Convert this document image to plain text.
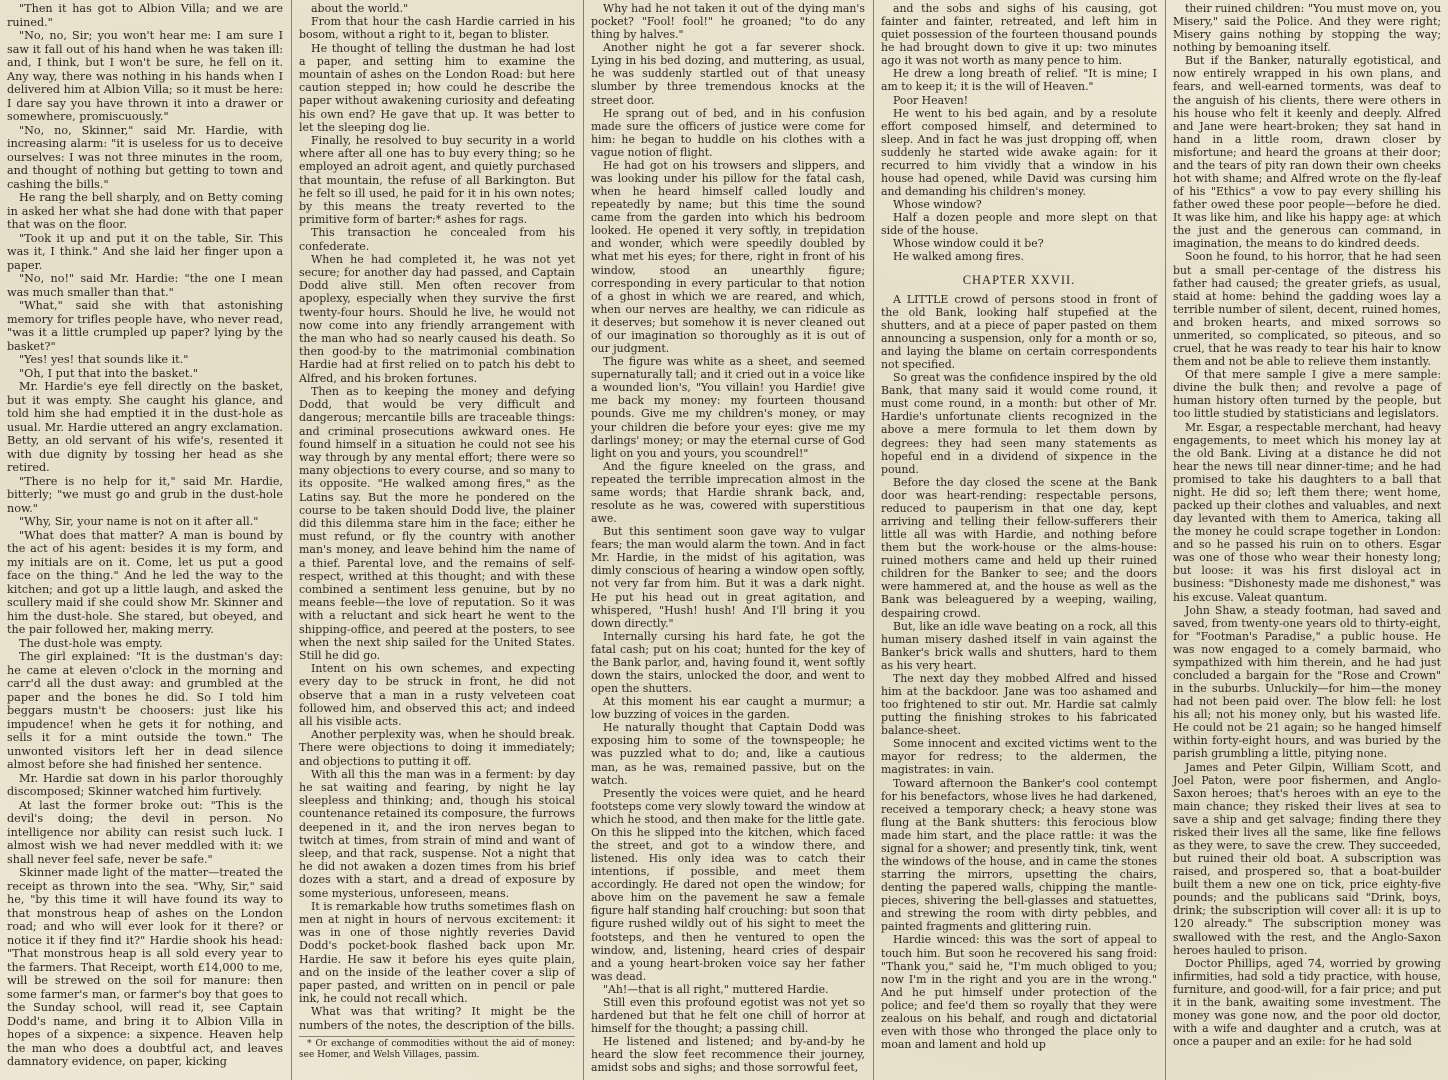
"Then it has got to Albion Villa; and we are ruined."

"No, no, Sir; you won't hear me: I am sure I saw it fall out of his hand when he was taken ill: and, I think, but I won't be sure, he fell on it. Any way, there was nothing in his hands when I delivered him at Albion Villa; so it must be here: I dare say you have thrown it into a drawer or somewhere, promiscuously."

"No, no, Skinner," said Mr. Hardie, with increasing alarm: "it is useless for us to deceive ourselves: I was not three minutes in the room, and thought of nothing but getting to town and cashing the bills."

He rang the bell sharply, and on Betty coming in asked her what she had done with that paper that was on the floor.

"Took it up and put it on the table, Sir. This was it, I think." And she laid her finger upon a paper.

"No, no!" said Mr. Hardie: "the one I mean was much smaller than that."

"What," said she with that astonishing memory for trifles people have, who never read, "was it a little crumpled up paper? lying by the basket?"

"Yes! yes! that sounds like it."

"Oh, I put that into the basket."

Mr. Hardie's eye fell directly on the basket, but it was empty. She caught his glance, and told him she had emptied it in the dust-hole as usual. Mr. Hardie uttered an angry exclamation. Betty, an old servant of his wife's, resented it with due dignity by tossing her head as she retired.

"There is no help for it," said Mr. Hardie, bitterly; "we must go and grub in the dust-hole now."

"Why, Sir, your name is not on it after all."

"What does that matter? A man is bound by the act of his agent: besides it is my form, and my initials are on it. Come, let us put a good face on the thing." And he led the way to the kitchen; and got up a little laugh, and asked the scullery maid if she could show Mr. Skinner and him the dust-hole. She stared, but obeyed, and the pair followed her, making merry.

The dust-hole was empty.

The girl explained: "It is the dustman's day: he came at eleven o'clock in the morning and carr'd all the dust away: and grumbled at the paper and the bones he did. So I told him beggars mustn't be choosers: just like his impudence! when he gets it for nothing, and sells it for a mint outside the town." The unwonted visitors left her in dead silence almost before she had finished her sentence.

Mr. Hardie sat down in his parlor thoroughly discomposed; Skinner watched him furtively.

At last the former broke out: "This is the devil's doing; the devil in person. No intelligence nor ability can resist such luck. I almost wish we had never meddled with it: we shall never feel safe, never be safe."

Skinner made light of the matter—treated the receipt as thrown into the sea. "Why, Sir," said he, "by this time it will have found its way to that monstrous heap of ashes on the London road; and who will ever look for it there? or notice it if they find it?" Hardie shook his head: "That monstrous heap is all sold every year to the farmers. That Receipt, worth £14,000 to me, will be strewed on the soil for manure: then some farmer's man, or farmer's boy that goes to the Sunday school, will read it, see Captain Dodd's name, and bring it to Albion Villa in hopes of a sixpence: a sixpence. Heaven help the man who does a doubtful act, and leaves damnatory evidence, on paper, kicking

about the world."

From that hour the cash Hardie carried in his bosom, without a right to it, began to blister.

He thought of telling the dustman he had lost a paper, and setting him to examine the mountain of ashes on the London Road: but here caution stepped in; how could he describe the paper without awakening curiosity and defeating his own end? He gave that up. It was better to let the sleeping dog lie.

Finally, he resolved to buy security in a world where after all one has to buy every thing; so he employed an adroit agent, and quietly purchased that mountain, the refuse of all Barkington. But he felt so ill used, he paid for it in his own notes; by this means the treaty reverted to the primitive form of barter:* ashes for rags.

This transaction he concealed from his confederate.

When he had completed it, he was not yet secure; for another day had passed, and Captain Dodd alive still. Men often recover from apoplexy, especially when they survive the first twenty-four hours. Should he live, he would not now come into any friendly arrangement with the man who had so nearly caused his death. So then good-by to the matrimonial combination Hardie had at first relied on to patch his debt to Alfred, and his broken fortunes.

Then as to keeping the money and defying Dodd, that would be very difficult and dangerous; mercantile bills are traceable things: and criminal prosecutions awkward ones. He found himself in a situation he could not see his way through by any mental effort; there were so many objections to every course, and so many to its opposite. "He walked among fires," as the Latins say. But the more he pondered on the course to be taken should Dodd live, the plainer did this dilemma stare him in the face; either he must refund, or fly the country with another man's money, and leave behind him the name of a thief. Parental love, and the remains of self-respect, writhed at this thought; and with these combined a sentiment less genuine, but by no means feeble—the love of reputation. So it was with a reluctant and sick heart he went to the shipping-office, and peered at the posters, to see when the next ship sailed for the United States. Still he did go.

Intent on his own schemes, and expecting every day to be struck in front, he did not observe that a man in a rusty velveteen coat followed him, and observed this act; and indeed all his visible acts.

Another perplexity was, when he should break. There were objections to doing it immediately; and objections to putting it off.

With all this the man was in a ferment: by day he sat waiting and fearing, by night he lay sleepless and thinking; and, though his stoical countenance retained its composure, the furrows deepened in it, and the iron nerves began to twitch at times, from strain of mind and want of sleep, and that rack, suspense. Not a night that he did not awaken a dozen times from his brief dozes with a start, and a dread of exposure by some mysterious, unforeseen, means.

It is remarkable how truths sometimes flash on men at night in hours of nervous excitement: it was in one of those nightly reveries David Dodd's pocket-book flashed back upon Mr. Hardie. He saw it before his eyes quite plain, and on the inside of the leather cover a slip of paper pasted, and written on in pencil or pale ink, he could not recall which.

What was that writing? It might be the numbers of the notes, the description of the bills.

* Or exchange of commodities without the aid of money: see Homer, and Welsh Villages, passim.

Why had he not taken it out of the dying man's pocket? "Fool! fool!" he groaned; "to do any thing by halves."

Another night he got a far severer shock. Lying in his bed dozing, and muttering, as usual, he was suddenly startled out of that uneasy slumber by three tremendous knocks at the street door.

He sprang out of bed, and in his confusion made sure the officers of justice were come for him: he began to huddle on his clothes with a vague notion of flight.

He had got on his trowsers and slippers, and was looking under his pillow for the fatal cash, when he heard himself called loudly and repeatedly by name; but this time the sound came from the garden into which his bedroom looked. He opened it very softly, in trepidation and wonder, which were speedily doubled by what met his eyes; for there, right in front of his window, stood an unearthly figure; corresponding in every particular to that notion of a ghost in which we are reared, and which, when our nerves are healthy, we can ridicule as it deserves; but somehow it is never cleaned out of our imagination so thoroughly as it is out of our judgment.

The figure was white as a sheet, and seemed supernaturally tall; and it cried out in a voice like a wounded lion's, "You villain! you Hardie! give me back my money: my fourteen thousand pounds. Give me my children's money, or may your children die before your eyes: give me my darlings' money; or may the eternal curse of God light on you and yours, you scoundrel!"

And the figure kneeled on the grass, and repeated the terrible imprecation almost in the same words; that Hardie shrank back, and, resolute as he was, cowered with superstitious awe.

But this sentiment soon gave way to vulgar fears; the man would alarm the town. And in fact Mr. Hardie, in the midst of his agitation, was dimly conscious of hearing a window open softly, not very far from him. But it was a dark night. He put his head out in great agitation, and whispered, "Hush! hush! And I'll bring it you down directly."

Internally cursing his hard fate, he got the fatal cash; put on his coat; hunted for the key of the Bank parlor, and, having found it, went softly down the stairs, unlocked the door, and went to open the shutters.

At this moment his ear caught a murmur; a low buzzing of voices in the garden.

He naturally thought that Captain Dodd was exposing him to some of the townspeople; he was puzzled what to do; and, like a cautious man, as he was, remained passive, but on the watch.

Presently the voices were quiet, and he heard footsteps come very slowly toward the window at which he stood, and then make for the little gate. On this he slipped into the kitchen, which faced the street, and got to a window there, and listened. His only idea was to catch their intentions, if possible, and meet them accordingly. He dared not open the window; for above him on the pavement he saw a female figure half standing half crouching: but soon that figure rushed wildly out of his sight to meet the footsteps, and then he ventured to open the window, and, listening, heard cries of despair and a young heart-broken voice say her father was dead.

"Ah!—that is all right," muttered Hardie.

Still even this profound egotist was not yet so hardened but that he felt one chill of horror at himself for the thought; a passing chill.

He listened and listened; and by-and-by he heard the slow feet recommence their journey, amidst sobs and sighs; and those sorrowful feet,

and the sobs and sighs of his causing, got fainter and fainter, retreated, and left him in quiet possession of the fourteen thousand pounds he had brought down to give it up: two minutes ago it was not worth as many pence to him.

He drew a long breath of relief. "It is mine; I am to keep it; it is the will of Heaven."

Poor Heaven!

He went to his bed again, and by a resolute effort composed himself, and determined to sleep. And in fact he was just dropping off, when suddenly he started wide awake again: for it recurred to him vividly that a window in his house had opened, while David was cursing him and demanding his children's money.

Whose window?

Half a dozen people and more slept on that side of the house.

Whose window could it be?

He walked among fires.

CHAPTER XXVII.

A LITTLE crowd of persons stood in front of the old Bank, looking half stupefied at the shutters, and at a piece of paper pasted on them announcing a suspension, only for a month or so, and laying the blame on certain correspondents not specified.

So great was the confidence inspired by the old Bank, that many said it would come round, it must come round, in a month: but other of Mr. Hardie's unfortunate clients recognized in the above a mere formula to let them down by degrees: they had seen many statements as hopeful end in a dividend of sixpence in the pound.

Before the day closed the scene at the Bank door was heart-rending: respectable persons, reduced to pauperism in that one day, kept arriving and telling their fellow-sufferers their little all was with Hardie, and nothing before them but the work-house or the alms-house: ruined mothers came and held up their ruined children for the Banker to see; and the doors were hammered at, and the house as well as the Bank was beleaguered by a weeping, wailing, despairing crowd.

But, like an idle wave beating on a rock, all this human misery dashed itself in vain against the Banker's brick walls and shutters, hard to them as his very heart.

The next day they mobbed Alfred and hissed him at the backdoor. Jane was too ashamed and too frightened to stir out. Mr. Hardie sat calmly putting the finishing strokes to his fabricated balance-sheet.

Some innocent and excited victims went to the mayor for redress; to the aldermen, the magistrates: in vain.

Toward afternoon the Banker's cool contempt for his benefactors, whose lives he had darkened, received a temporary check; a heavy stone was flung at the Bank shutters: this ferocious blow made him start, and the place rattle: it was the signal for a shower; and presently tink, tink, went the windows of the house, and in came the stones starring the mirrors, upsetting the chairs, denting the papered walls, chipping the mantle-pieces, shivering the bell-glasses and statuettes, and strewing the room with dirty pebbles, and painted fragments and glittering ruin.

Hardie winced: this was the sort of appeal to touch him. But soon he recovered his sang froid: "Thank you," said he, "I'm much obliged to you; now I'm in the right and you are in the wrong." And he put himself under protection of the police; and fee'd them so royally that they were zealous on his behalf, and rough and dictatorial even with those who thronged the place only to moan and lament and hold up

their ruined children: "You must move on, you Misery," said the Police. And they were right; Misery gains nothing by stopping the way; nothing by bemoaning itself.

But if the Banker, naturally egotistical, and now entirely wrapped in his own plans, and fears, and well-earned torments, was deaf to the anguish of his clients, there were others in his house who felt it keenly and deeply. Alfred and Jane were heart-broken; they sat hand in hand in a little room, drawn closer by misfortune; and heard the groans at their door; and the tears of pity ran down their own cheeks hot with shame; and Alfred wrote on the fly-leaf of his "Ethics" a vow to pay every shilling his father owed these poor people—before he died. It was like him, and like his happy age: at which the just and the generous can command, in imagination, the means to do kindred deeds.

Soon he found, to his horror, that he had seen but a small per-centage of the distress his father had caused; the greater griefs, as usual, staid at home: behind the gadding woes lay a terrible number of silent, decent, ruined homes, and broken hearts, and mixed sorrows so unmerited, so complicated, so piteous, and so cruel, that he was ready to tear his hair to know them and not be able to relieve them instantly.

Of that mere sample I give a mere sample: divine the bulk then; and revolve a page of human history often turned by the people, but too little studied by statisticians and legislators.

Mr. Esgar, a respectable merchant, had heavy engagements, to meet which his money lay at the old Bank. Living at a distance he did not hear the news till near dinner-time; and he had promised to take his daughters to a ball that night. He did so; left them there; went home, packed up their clothes and valuables, and next day levanted with them to America, taking all the money he could scrape together in London: and so he passed his ruin on to others. Esgar was one of those who wear their honesty long; but loose: it was his first disloyal act in business: "Dishonesty made me dishonest," was his excuse. Valeat quantum.

John Shaw, a steady footman, had saved and saved, from twenty-one years old to thirty-eight, for "Footman's Paradise," a public house. He was now engaged to a comely barmaid, who sympathized with him therein, and he had just concluded a bargain for the "Rose and Crown" in the suburbs. Unluckily—for him—the money had not been paid over. The blow fell: he lost his all; not his money only, but his wasted life. He could not be 21 again; so he hanged himself within forty-eight hours, and was buried by the parish grumbling a little, pitying none.

James and Peter Gilpin, William Scott, and Joel Paton, were poor fishermen, and Anglo-Saxon heroes; that's heroes with an eye to the main chance; they risked their lives at sea to save a ship and get salvage; finding there they risked their lives all the same, like fine fellows as they were, to save the crew. They succeeded, but ruined their old boat. A subscription was raised, and prospered so, that a boat-builder built them a new one on tick, price eighty-five pounds; and the publicans said "Drink, boys, drink; the subscription will cover all: it is up to 120 already." The subscription money was swallowed with the rest, and the Anglo-Saxon heroes hauled to prison.

Doctor Phillips, aged 74, worried by growing infirmities, had sold a tidy practice, with house, furniture, and good-will, for a fair price; and put it in the bank, awaiting some investment. The money was gone now, and the poor old doctor, with a wife and daughter and a crutch, was at once a pauper and an exile: for he had sold
